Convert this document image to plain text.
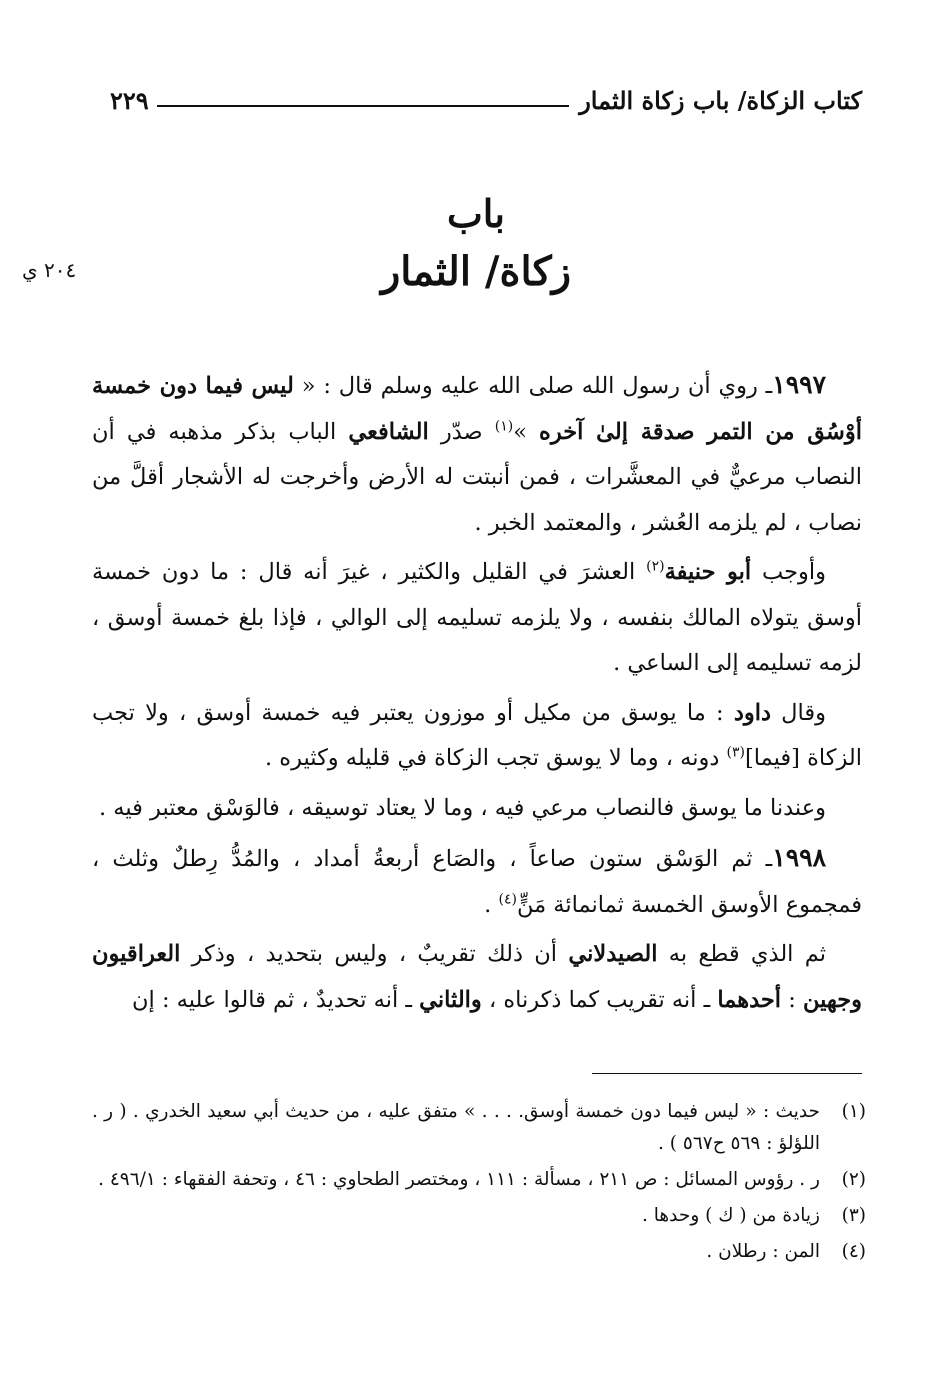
كتاب الزكاة/ باب زكاة الثمار
٢٢٩
باب
زكاة/ الثمار
٢٠٤ ي

١٩٩٧ـ روي أن رسول الله صلى الله عليه وسلم قال : « ليس فيما دون خمسة أوْسُق من التمر صدقة إلىٰ آخره »$^{(١)}$ صدّر الشافعي الباب بذكر مذهبه في أن النصاب مرعيٌّ في المعشَّرات ، فمن أنبتت له الأرض وأخرجت له الأشجار أقلَّ من نصاب ، لم يلزمه العُشر ، والمعتمد الخبر .

وأوجب أبو حنيفة$^{(٢)}$ العشرَ في القليل والكثير ، غيرَ أنه قال : ما دون خمسة أوسق يتولاه المالك بنفسه ، ولا يلزمه تسليمه إلى الوالي ، فإذا بلغ خمسة أوسق ، لزمه تسليمه إلى الساعي .

وقال داود : ما يوسق من مكيل أو موزون يعتبر فيه خمسة أوسق ، ولا تجب الزكاة [فيما]$^{(٣)}$ دونه ، وما لا يوسق تجب الزكاة في قليله وكثيره .

وعندنا ما يوسق فالنصاب مرعي فيه ، وما لا يعتاد توسيقه ، فالوَسْق معتبر فيه .

١٩٩٨ـ ثم الوَسْق ستون صاعاً ، والصَاع أربعةُ أمداد ، والمُدُّ رِطلٌ وثلث ، فمجموع الأوسق الخمسة ثمانمائة مَنٍّ$^{(٤)}$ .

ثم الذي قطع به الصيدلاني أن ذلك تقريبٌ ، وليس بتحديد ، وذكر العراقيون وجهين : أحدهما ـ أنه تقريب كما ذكرناه ، والثاني ـ أنه تحديدٌ ، ثم قالوا عليه : إن

(١)
حديث : « ليس فيما دون خمسة أوسق. . . . » متفق عليه ، من حديث أبي سعيد الخدري . ( ر . اللؤلؤ : ٥٦٩ ح٥٦٧ ) .
(٢)
ر . رؤوس المسائل : ص ٢١١ ، مسألة : ١١١ ، ومختصر الطحاوي : ٤٦ ، وتحفة الفقهاء : ٤٩٦/١ .
(٣)
زيادة من ( ك ) وحدها .
(٤)
المن : رطلان .
